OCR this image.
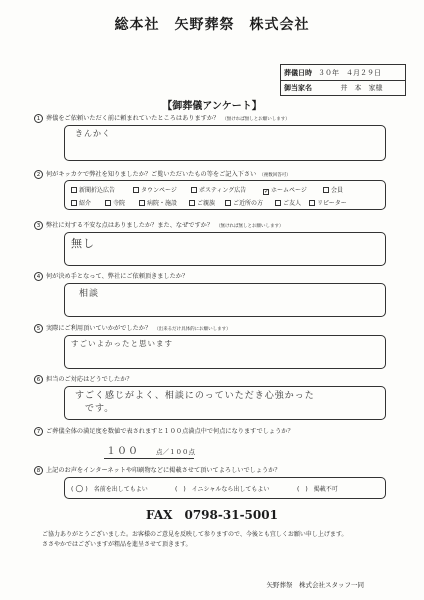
総本社　矢野葬祭　株式会社
葬儀日時 ３０年　４月２９日
御当家名	井　本　家様
【御葬儀アンケート】
1 葬儀をご依頼いただく前に頼まれていたところはありますか？ （無ければ無しとお願いします）
きんかく
2 何がキッカケで弊社を知りましたか？ご覧いただいたもの等をご記入下さい （複数回答可）
新聞折込広告	タウンページ	ポスティング広告	✓ ホームページ	会員
紹介	寺院	病院・施設	ご親族	ご近所の方	ご友人	リピーター
3 弊社に対する不安な点はありましたか？また、なぜですか？ （無ければ無しとお願いします）
無し
4 何が決め手となって、弊社にご依頼頂きましたか？
相談
5 実際にご利用頂いていかがでしたか？ （出来るだけ具体的にお願いします）
すごいよかったと思います
6 担当のご対応はどうでしたか？
すごく感じがよく、相談にのっていただき心強かった
です。
7 ご葬儀全体の満足度を数値で表されますと１００点満点中で何点になりますでしょうか？
１００	点／１００点
8 上記のお声をインターネットや印刷物などに掲載させて頂いてよろしいでしょうか？
( ○ )　名前を出してもよい	(　)　イニシャルなら出してもよい	(　)　掲載不可
FAX　0798-31-5001
ご協力ありがとうございました。お客様のご意見を反映して参りますので、今後とも宜しくお願い申し上げます。
ささやかではございますが粗品を進呈させて頂きます。
矢野葬祭　株式会社スタッフ一同
